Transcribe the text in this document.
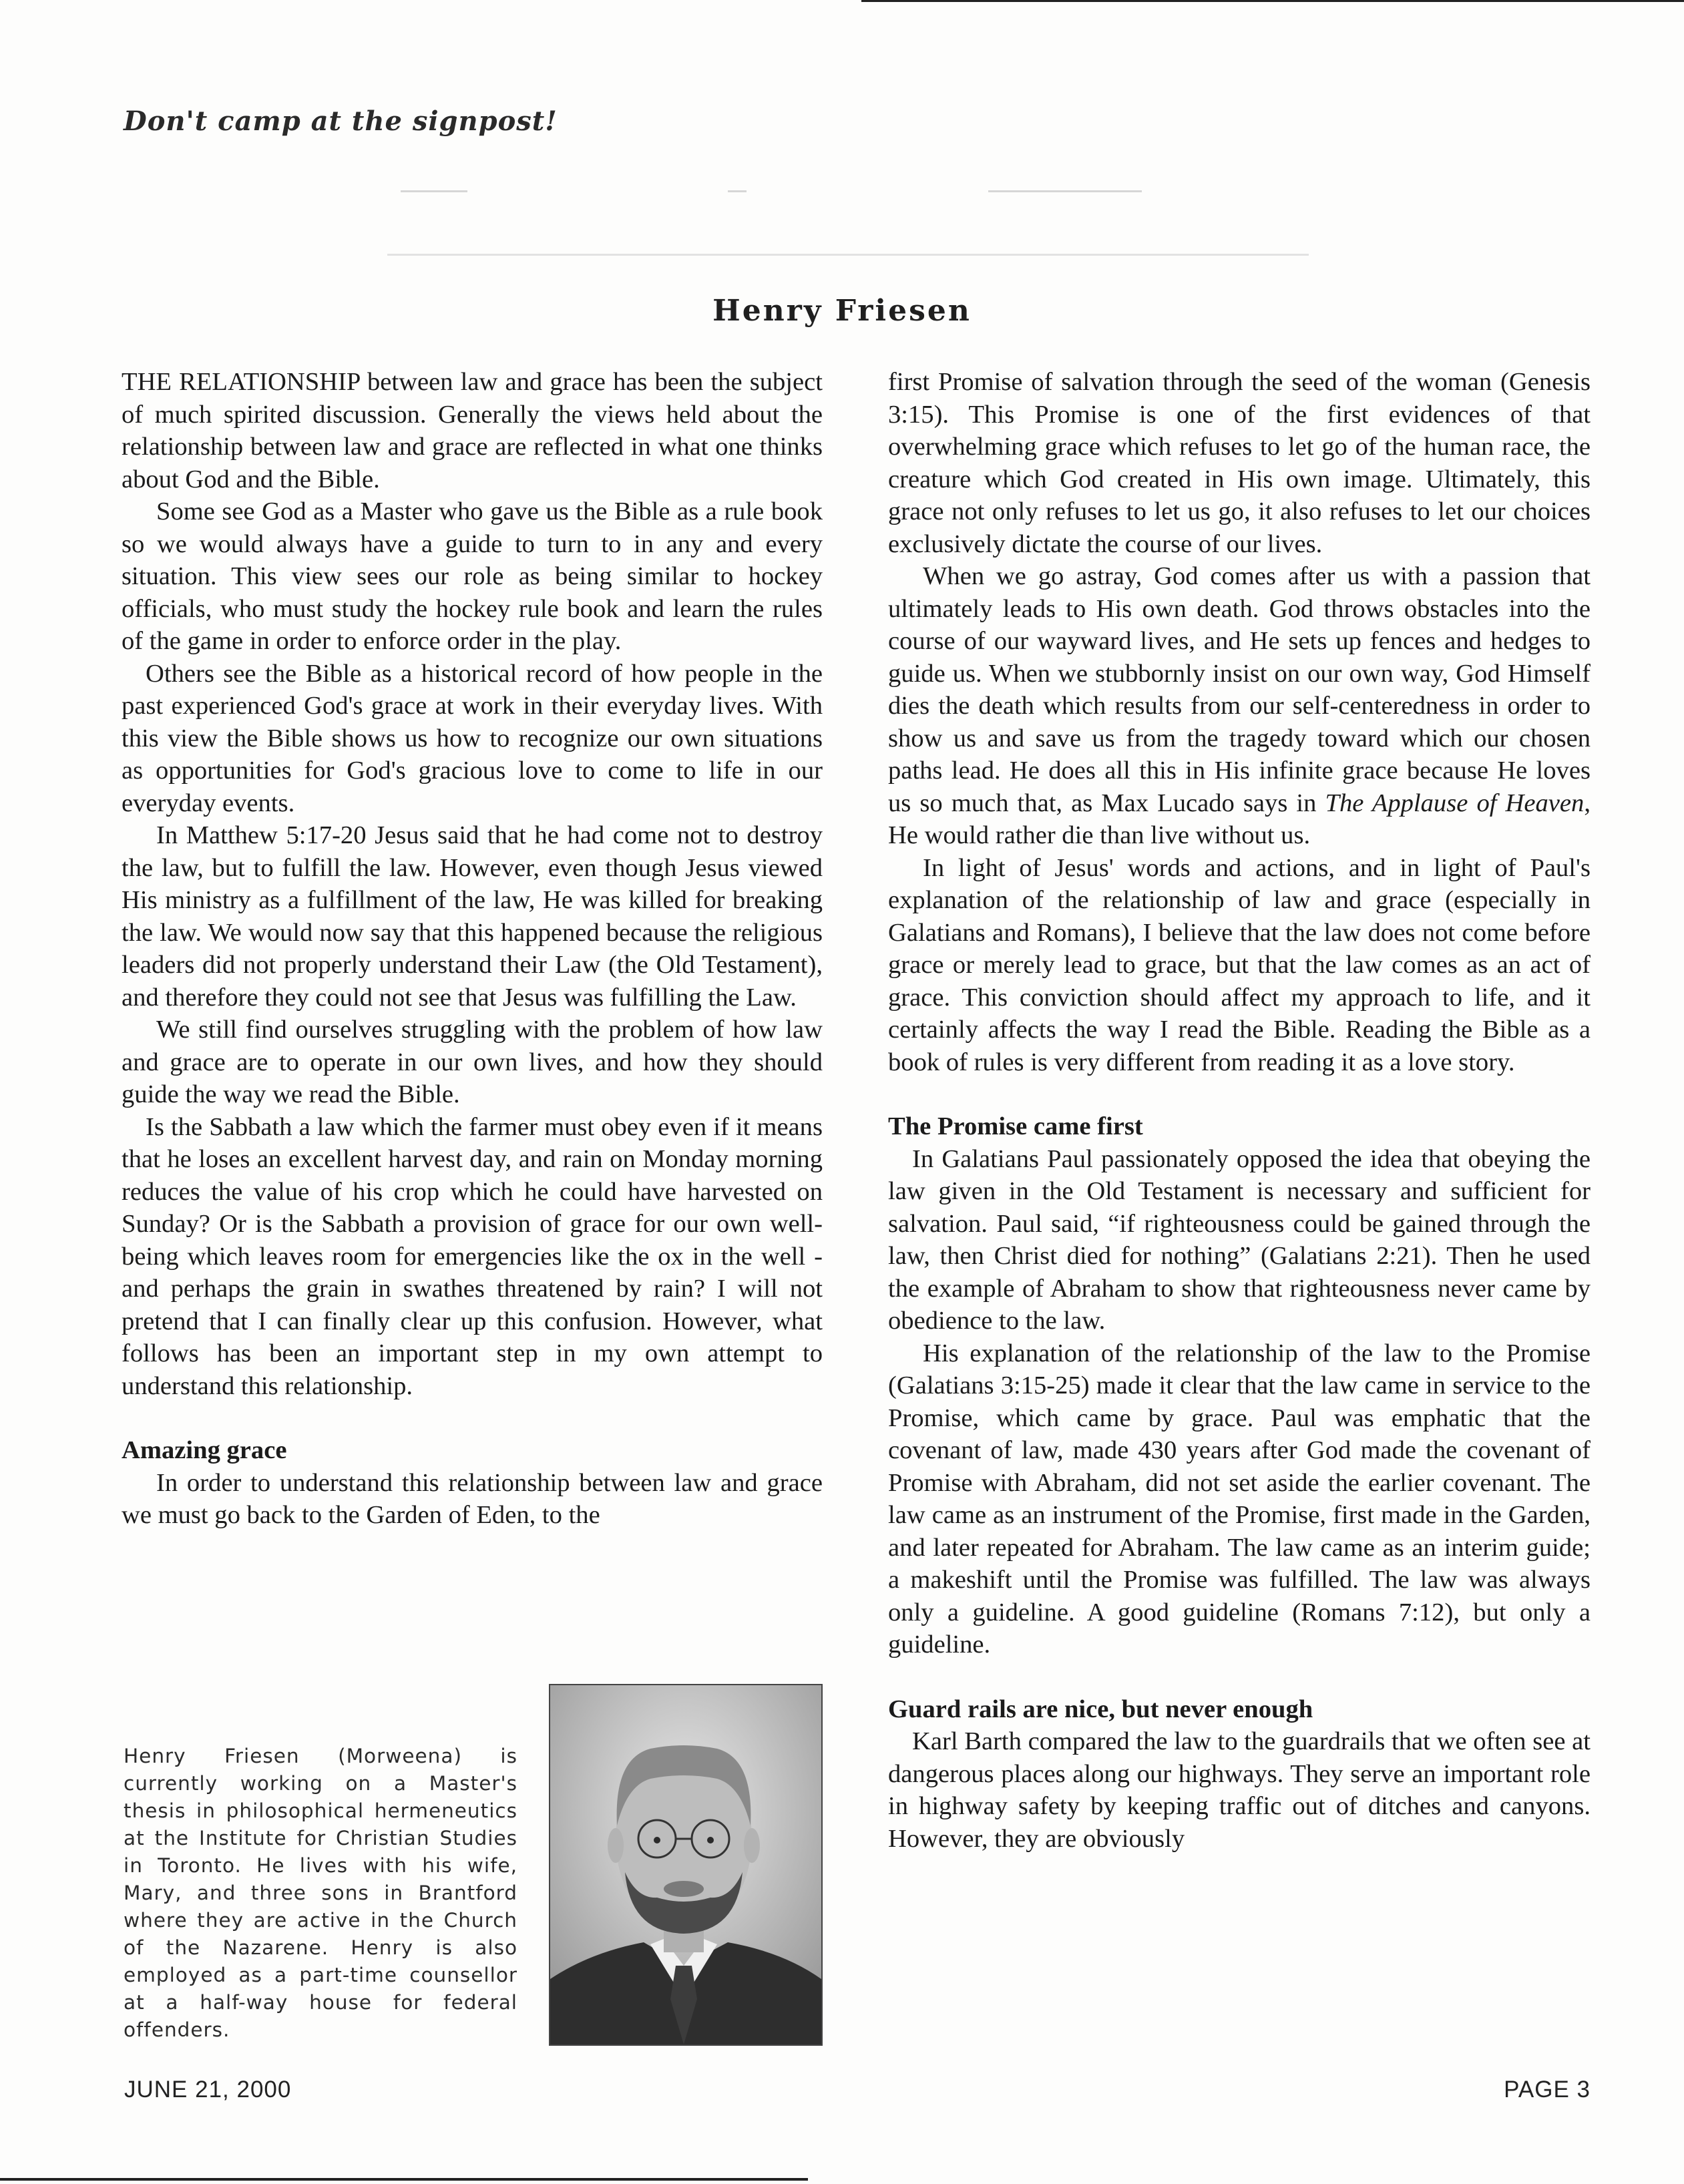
Don't camp at the signpost!
Henry Friesen

THE RELATIONSHIP between law and grace has been the subject of much spirited discussion. Generally the views held about the relationship between law and grace are reflected in what one thinks about God and the Bible.

Some see God as a Master who gave us the Bible as a rule book so we would always have a guide to turn to in any and every situation. This view sees our role as being similar to hockey officials, who must study the hockey rule book and learn the rules of the game in order to enforce order in the play.

Others see the Bible as a historical record of how people in the past experienced God's grace at work in their everyday lives. With this view the Bible shows us how to recognize our own situations as opportunities for God's gracious love to come to life in our everyday events.

In Matthew 5:17-20 Jesus said that he had come not to destroy the law, but to fulfill the law. However, even though Jesus viewed His ministry as a fulfillment of the law, He was killed for breaking the law. We would now say that this happened because the religious leaders did not properly understand their Law (the Old Testament), and therefore they could not see that Jesus was fulfilling the Law.

We still find ourselves struggling with the problem of how law and grace are to operate in our own lives, and how they should guide the way we read the Bible.

Is the Sabbath a law which the farmer must obey even if it means that he loses an excellent harvest day, and rain on Monday morning reduces the value of his crop which he could have harvested on Sunday? Or is the Sabbath a provision of grace for our own well-being which leaves room for emergencies like the ox in the well - and perhaps the grain in swathes threatened by rain? I will not pretend that I can finally clear up this confusion. However, what follows has been an important step in my own attempt to understand this relationship.

Amazing grace

In order to understand this relationship between law and grace we must go back to the Garden of Eden, to the

first Promise of salvation through the seed of the woman (Genesis 3:15). This Promise is one of the first evidences of that overwhelming grace which refuses to let go of the human race, the creature which God created in His own image. Ultimately, this grace not only refuses to let us go, it also refuses to let our choices exclusively dictate the course of our lives.

When we go astray, God comes after us with a passion that ultimately leads to His own death. God throws obstacles into the course of our wayward lives, and He sets up fences and hedges to guide us. When we stubbornly insist on our own way, God Himself dies the death which results from our self-centeredness in order to show us and save us from the tragedy toward which our chosen paths lead. He does all this in His infinite grace because He loves us so much that, as Max Lucado says in The Applause of Heaven, He would rather die than live without us.

In light of Jesus' words and actions, and in light of Paul's explanation of the relationship of law and grace (especially in Galatians and Romans), I believe that the law does not come before grace or merely lead to grace, but that the law comes as an act of grace. This conviction should affect my approach to life, and it certainly affects the way I read the Bible. Reading the Bible as a book of rules is very different from reading it as a love story.

The Promise came first

In Galatians Paul passionately opposed the idea that obeying the law given in the Old Testament is necessary and sufficient for salvation. Paul said, “if righteousness could be gained through the law, then Christ died for nothing” (Galatians 2:21). Then he used the example of Abraham to show that righteousness never came by obedience to the law.

His explanation of the relationship of the law to the Promise (Galatians 3:15-25) made it clear that the law came in service to the Promise, which came by grace. Paul was emphatic that the covenant of law, made 430 years after God made the covenant of Promise with Abraham, did not set aside the earlier covenant. The law came as an instrument of the Promise, first made in the Garden, and later repeated for Abraham. The law came as an interim guide; a makeshift until the Promise was fulfilled. The law was always only a guideline. A good guideline (Romans 7:12), but only a guideline.

Guard rails are nice, but never enough

Karl Barth compared the law to the guardrails that we often see at dangerous places along our highways. They serve an important role in highway safety by keeping traffic out of ditches and canyons. However, they are obviously

Henry Friesen (Morweena) is currently working on a Master's thesis in philosophical hermeneutics at the Institute for Christian Studies in Toronto. He lives with his wife, Mary, and three sons in Brantford where they are active in the Church of the Nazarene. Henry is also employed as a part-time counsellor at a half-way house for federal offenders.
JUNE 21, 2000	PAGE 3
